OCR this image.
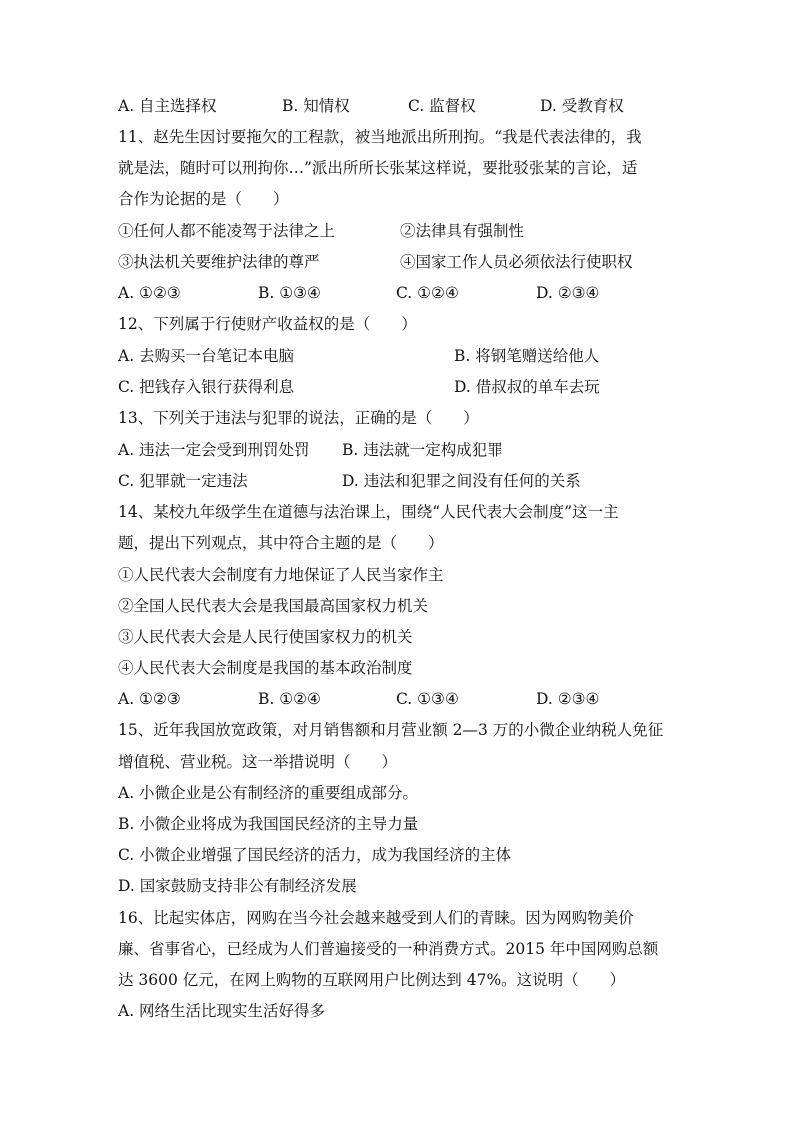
A. 自主选择权	B. 知情权	C. 监督权	D. 受教育权
11、赵先生因讨要拖欠的工程款，被当地派出所刑拘。“我是代表法律的，我
就是法，随时可以刑拘你…”派出所所长张某这样说，要批驳张某的言论，适
合作为论据的是（　　）
①任何人都不能凌驾于法律之上	②法律具有强制性
③执法机关要维护法律的尊严	④国家工作人员必须依法行使职权
A. ①②③	B. ①③④	C. ①②④	D. ②③④
12、下列属于行使财产收益权的是（　　）
A. 去购买一台笔记本电脑	B. 将钢笔赠送给他人
C. 把钱存入银行获得利息	D. 借叔叔的单车去玩
13、下列关于违法与犯罪的说法，正确的是（　　）
A. 违法一定会受到刑罚处罚 B. 违法就一定构成犯罪
C. 犯罪就一定违法	D. 违法和犯罪之间没有任何的关系
14、某校九年级学生在道德与法治课上，围绕“人民代表大会制度”这一主
题，提出下列观点，其中符合主题的是（　　）
①人民代表大会制度有力地保证了人民当家作主
②全国人民代表大会是我国最高国家权力机关
③人民代表大会是人民行使国家权力的机关
④人民代表大会制度是我国的基本政治制度
A. ①②③	B. ①②④	C. ①③④	D. ②③④
15、近年我国放宽政策，对月销售额和月营业额 2—3 万的小微企业纳税人免征
增值税、营业税。这一举措说明（　　）
A. 小微企业是公有制经济的重要组成部分。
B. 小微企业将成为我国国民经济的主导力量
C. 小微企业增强了国民经济的活力，成为我国经济的主体
D. 国家鼓励支持非公有制经济发展
16、比起实体店，网购在当今社会越来越受到人们的青睐。因为网购物美价
廉、省事省心，已经成为人们普遍接受的一种消费方式。2015 年中国网购总额
达 3600 亿元，在网上购物的互联网用户比例达到 47%。这说明（　　）
A. 网络生活比现实生活好得多
